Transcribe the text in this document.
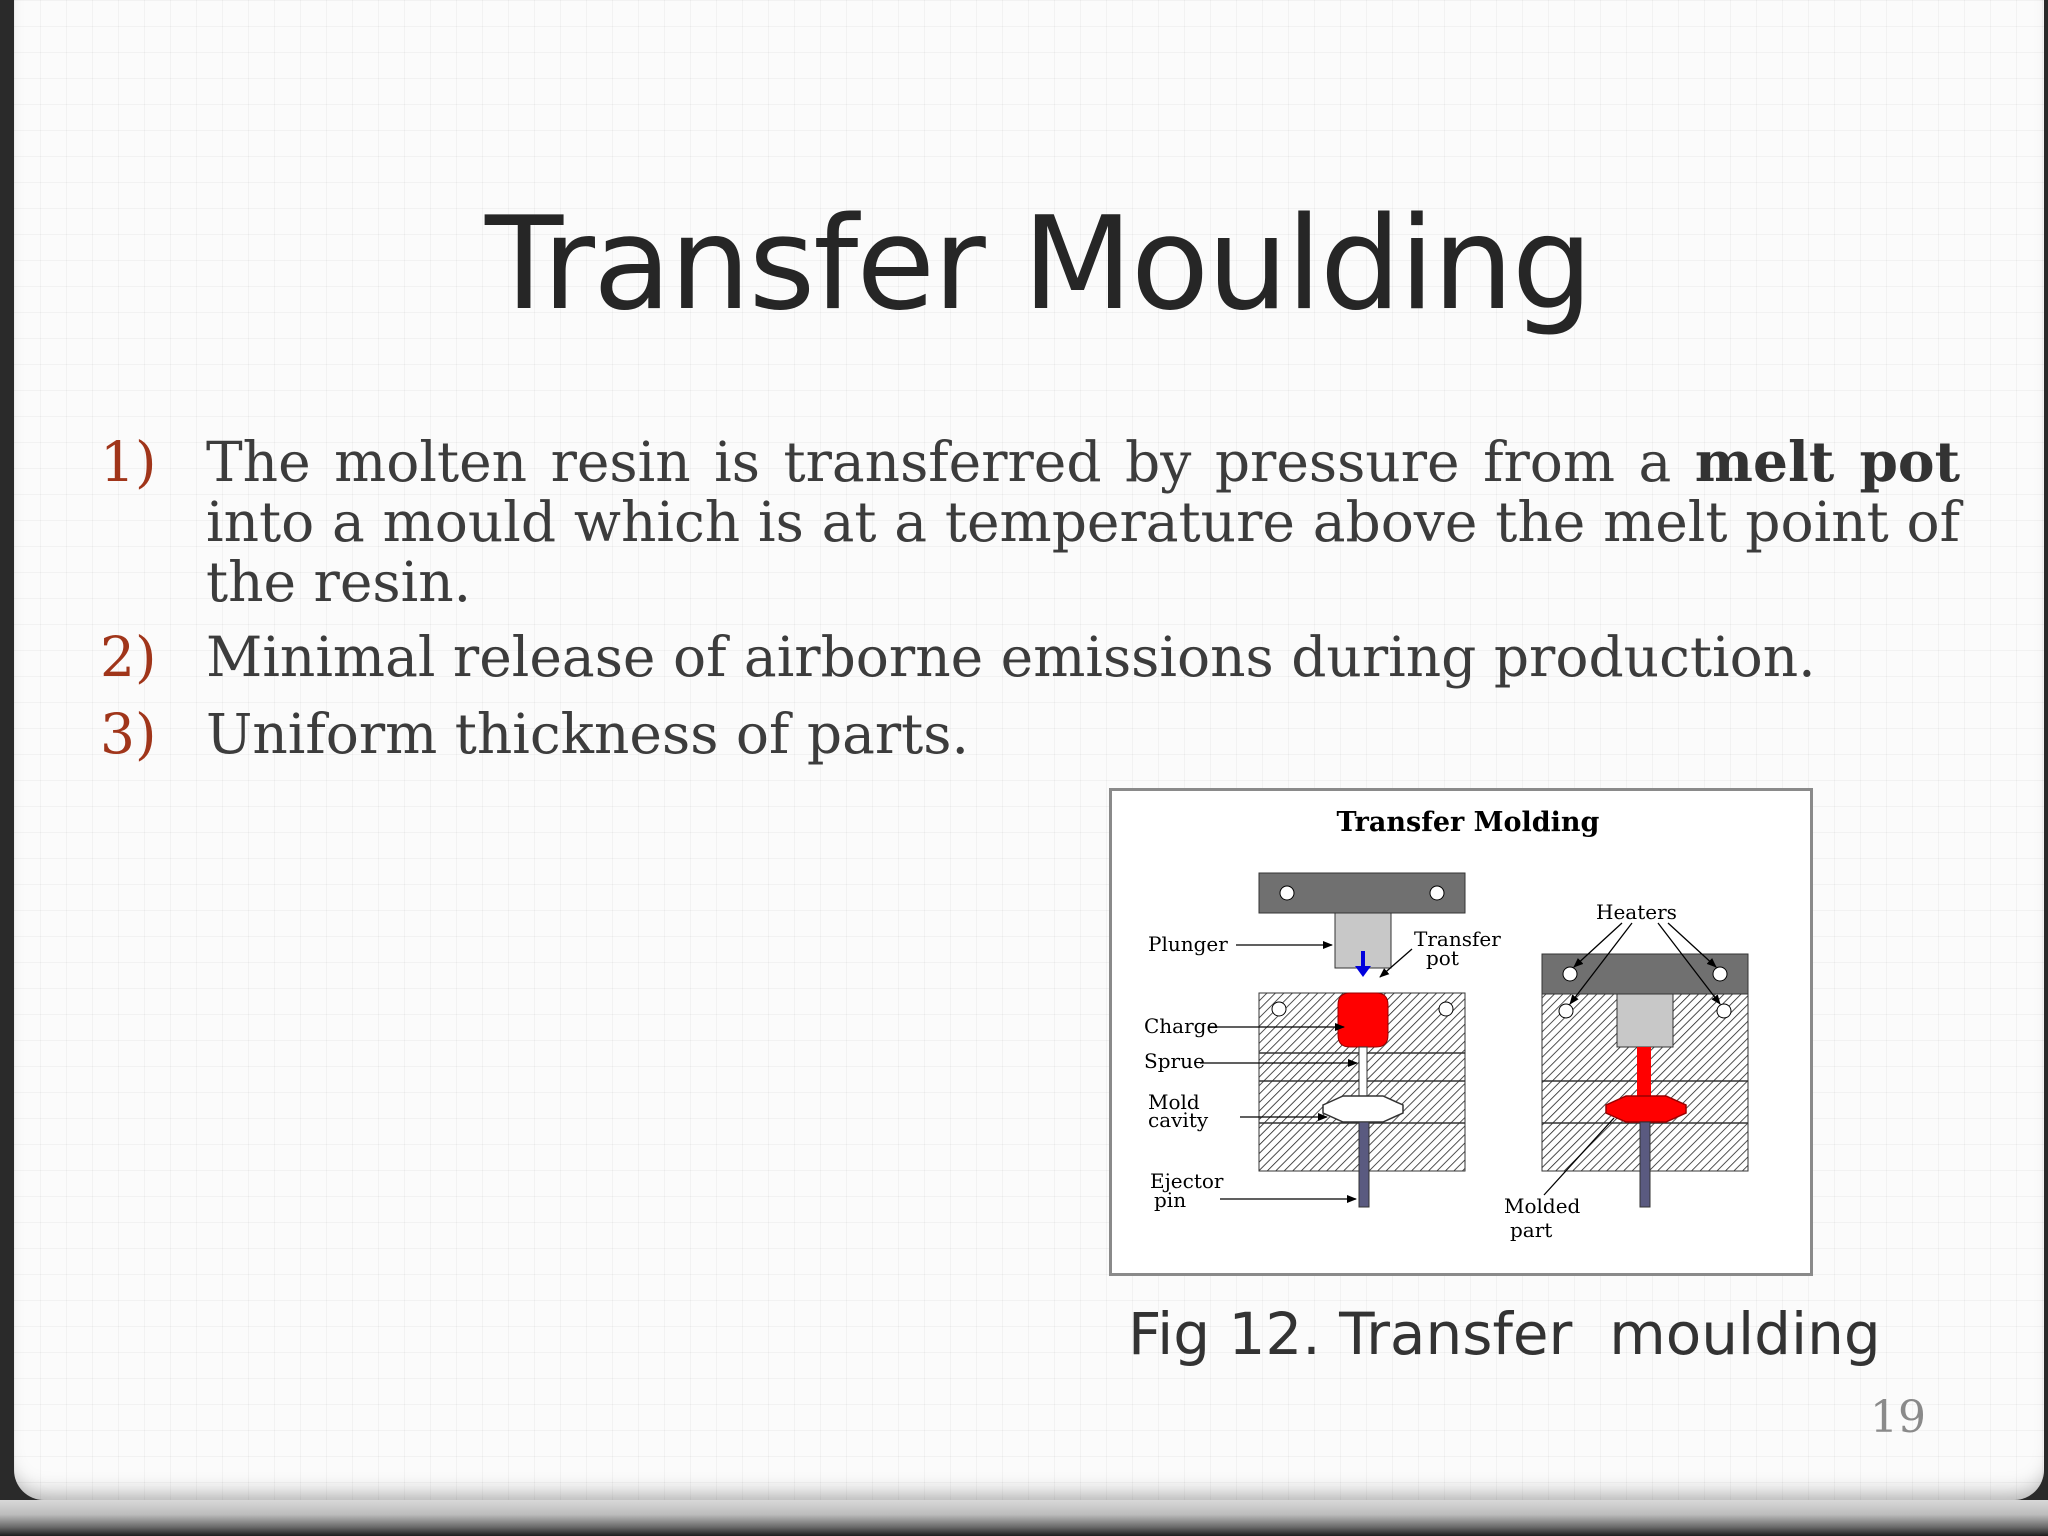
Transfer Moulding
1) The molten resin is transferred by pressure from a melt pot into a mould which is at a temperature above the melt point of the resin.
2) Minimal release of airborne emissions during production.
3) Uniform thickness of parts.
Transfer Molding
Plunger	Transfer
pot
Heaters
Charge
Sprue
Mold
cavity
Ejector
pin	Molded
part
Fig 12. Transfer  moulding
19
